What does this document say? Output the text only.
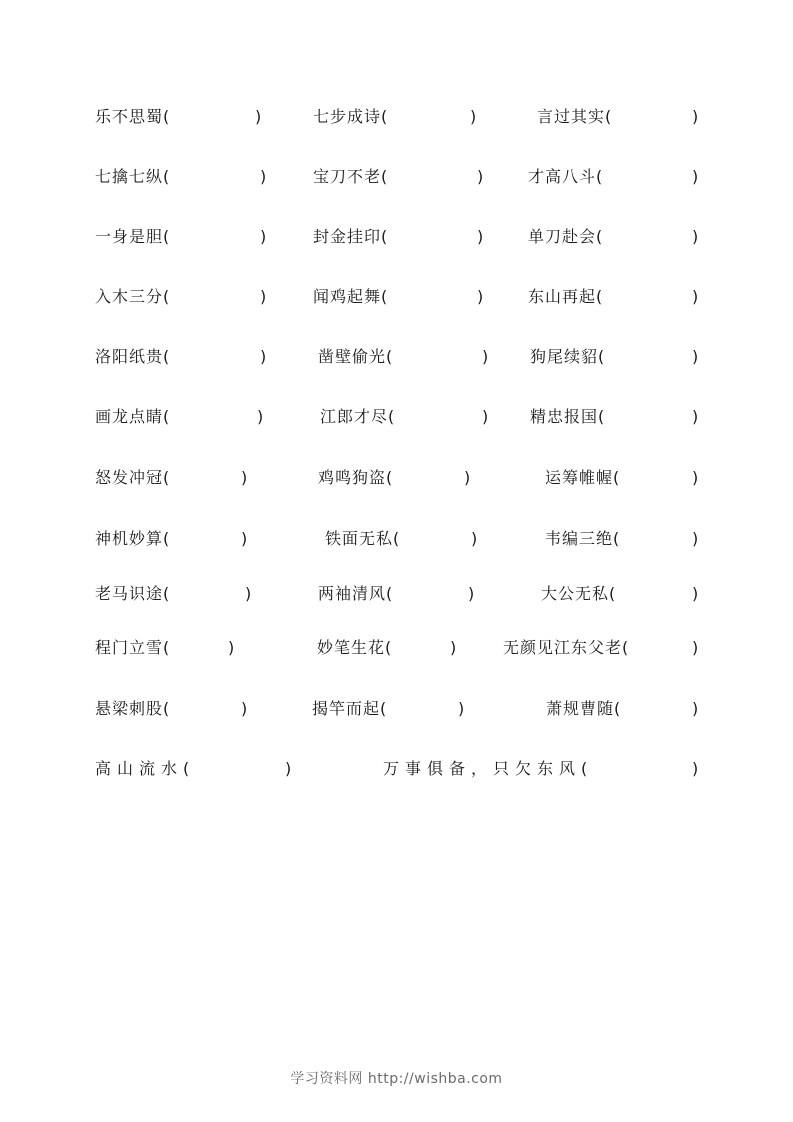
乐不思蜀(	)	七步成诗(	)	言过其实(	)
七擒七纵(	)	宝刀不老(	)	才高八斗(	)
一身是胆(	)	封金挂印(	)	单刀赴会(	)
入木三分(	)	闻鸡起舞(	)	东山再起(	)
洛阳纸贵(	)	凿壁偷光(	)	狗尾续貂(	)
画龙点睛(	)	江郎才尽(	)	精忠报国(	)
怒发冲冠(	)	鸡鸣狗盗(	)	运筹帷幄(	)
神机妙算(	)	铁面无私(	)	韦编三绝(	)
老马识途(	)	两袖清风(	)	大公无私(	)
程门立雪(	)	妙笔生花(	)	无颜见江东父老(	)
悬梁刺股(	)	揭竿而起(	)	萧规曹随(	)
高山流水(	)	万事俱备，只欠东风(	)
学习资料网 http://wishba.com
